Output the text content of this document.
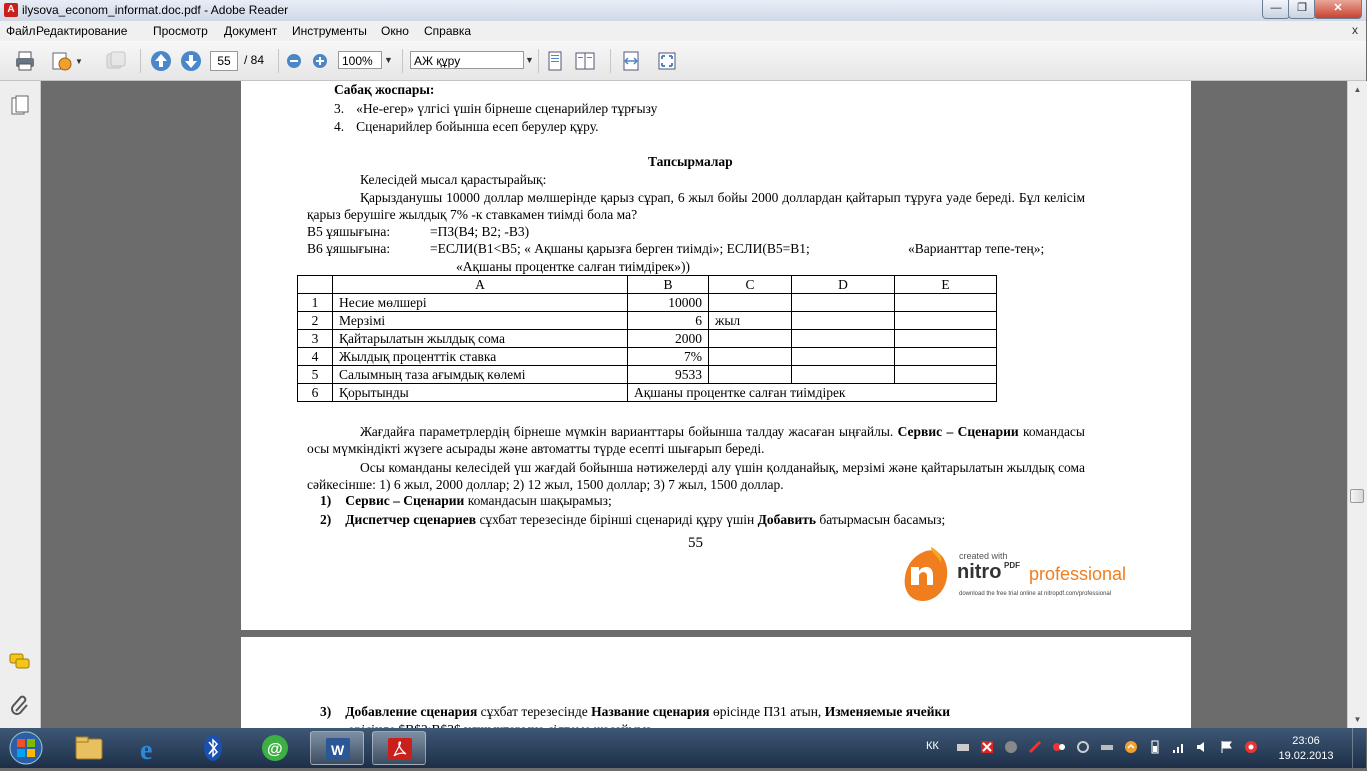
A ilysova_econom_informat.doc.pdf - Adobe Reader	—	❐	✕
Файл Редактирование Просмотр Документ Инструменты Окно Справка	x
▼	55	/ 84	100%	▼	АЖ құру	▼
Сабақ жоспары:
3. «Не-егер» үлгісі үшін бірнеше сценарийлер тұрғызу
4. Сценарийлер бойынша есеп берулер құру.
Тапсырмалар
Келесідей мысал қарастырайық:
Қарызданушы 10000 доллар мөлшерінде қарыз сұрап, 6 жыл бойы 2000 доллардан қайтарып тұруға уәде береді. Бұл келісім қарыз берушіге жылдық 7% -к ставкамен тиімді бола ма?
В5 ұяшығына:	=ПЗ(В4; В2; -В3)
В6 ұяшығына:	=ЕСЛИ(В1<В5; « Ақшаны қарызға берген тиімді»; ЕСЛИ(В5=В1;	«Варианттар тепе-тең»;
«Ақшаны процентке салған тиімдірек»))
	A	B	C	D	E
1	Несие мөлшері	10000			
2	Мерзімі	6	жыл		
3	Қайтарылатын жылдық сома	2000			
4	Жылдық проценттік ставка	7%			
5	Салымның таза ағымдық көлемі	9533			
6	Қорытынды	Ақшаны процентке салған тиімдірек			
Жағдайға параметрлердің бірнеше мүмкін варианттары бойынша талдау жасаған ыңғайлы. Сервис – Сценарии командасы осы мүмкіндікті жүзеге асырады және автоматты түрде есепті шығарып береді.
Осы команданы келесідей үш жағдай бойынша нәтижелерді алу үшін қолданайық, мерзімі және қайтарылатын жылдық сома сәйкесінше: 1) 6 жыл, 2000 доллар; 2) 12 жыл, 1500 доллар; 3) 7 жыл, 1500 доллар.
1) Сервис – Сценарии командасын шақырамыз;
2) Диспетчер сценариев сұхбат терезесінде бірінші сценариді құру үшін Добавить батырмасын басамыз;
55
created with
nitro PDF professional
download the free trial online at nitropdf.com/professional
3) Добавление сценария сұхбат терезесінде Название сценария өрісінде ПЗ1 атын, Изменяемые ячейки
▲
▼
e	@	W	КК	23:06
19.02.2013
